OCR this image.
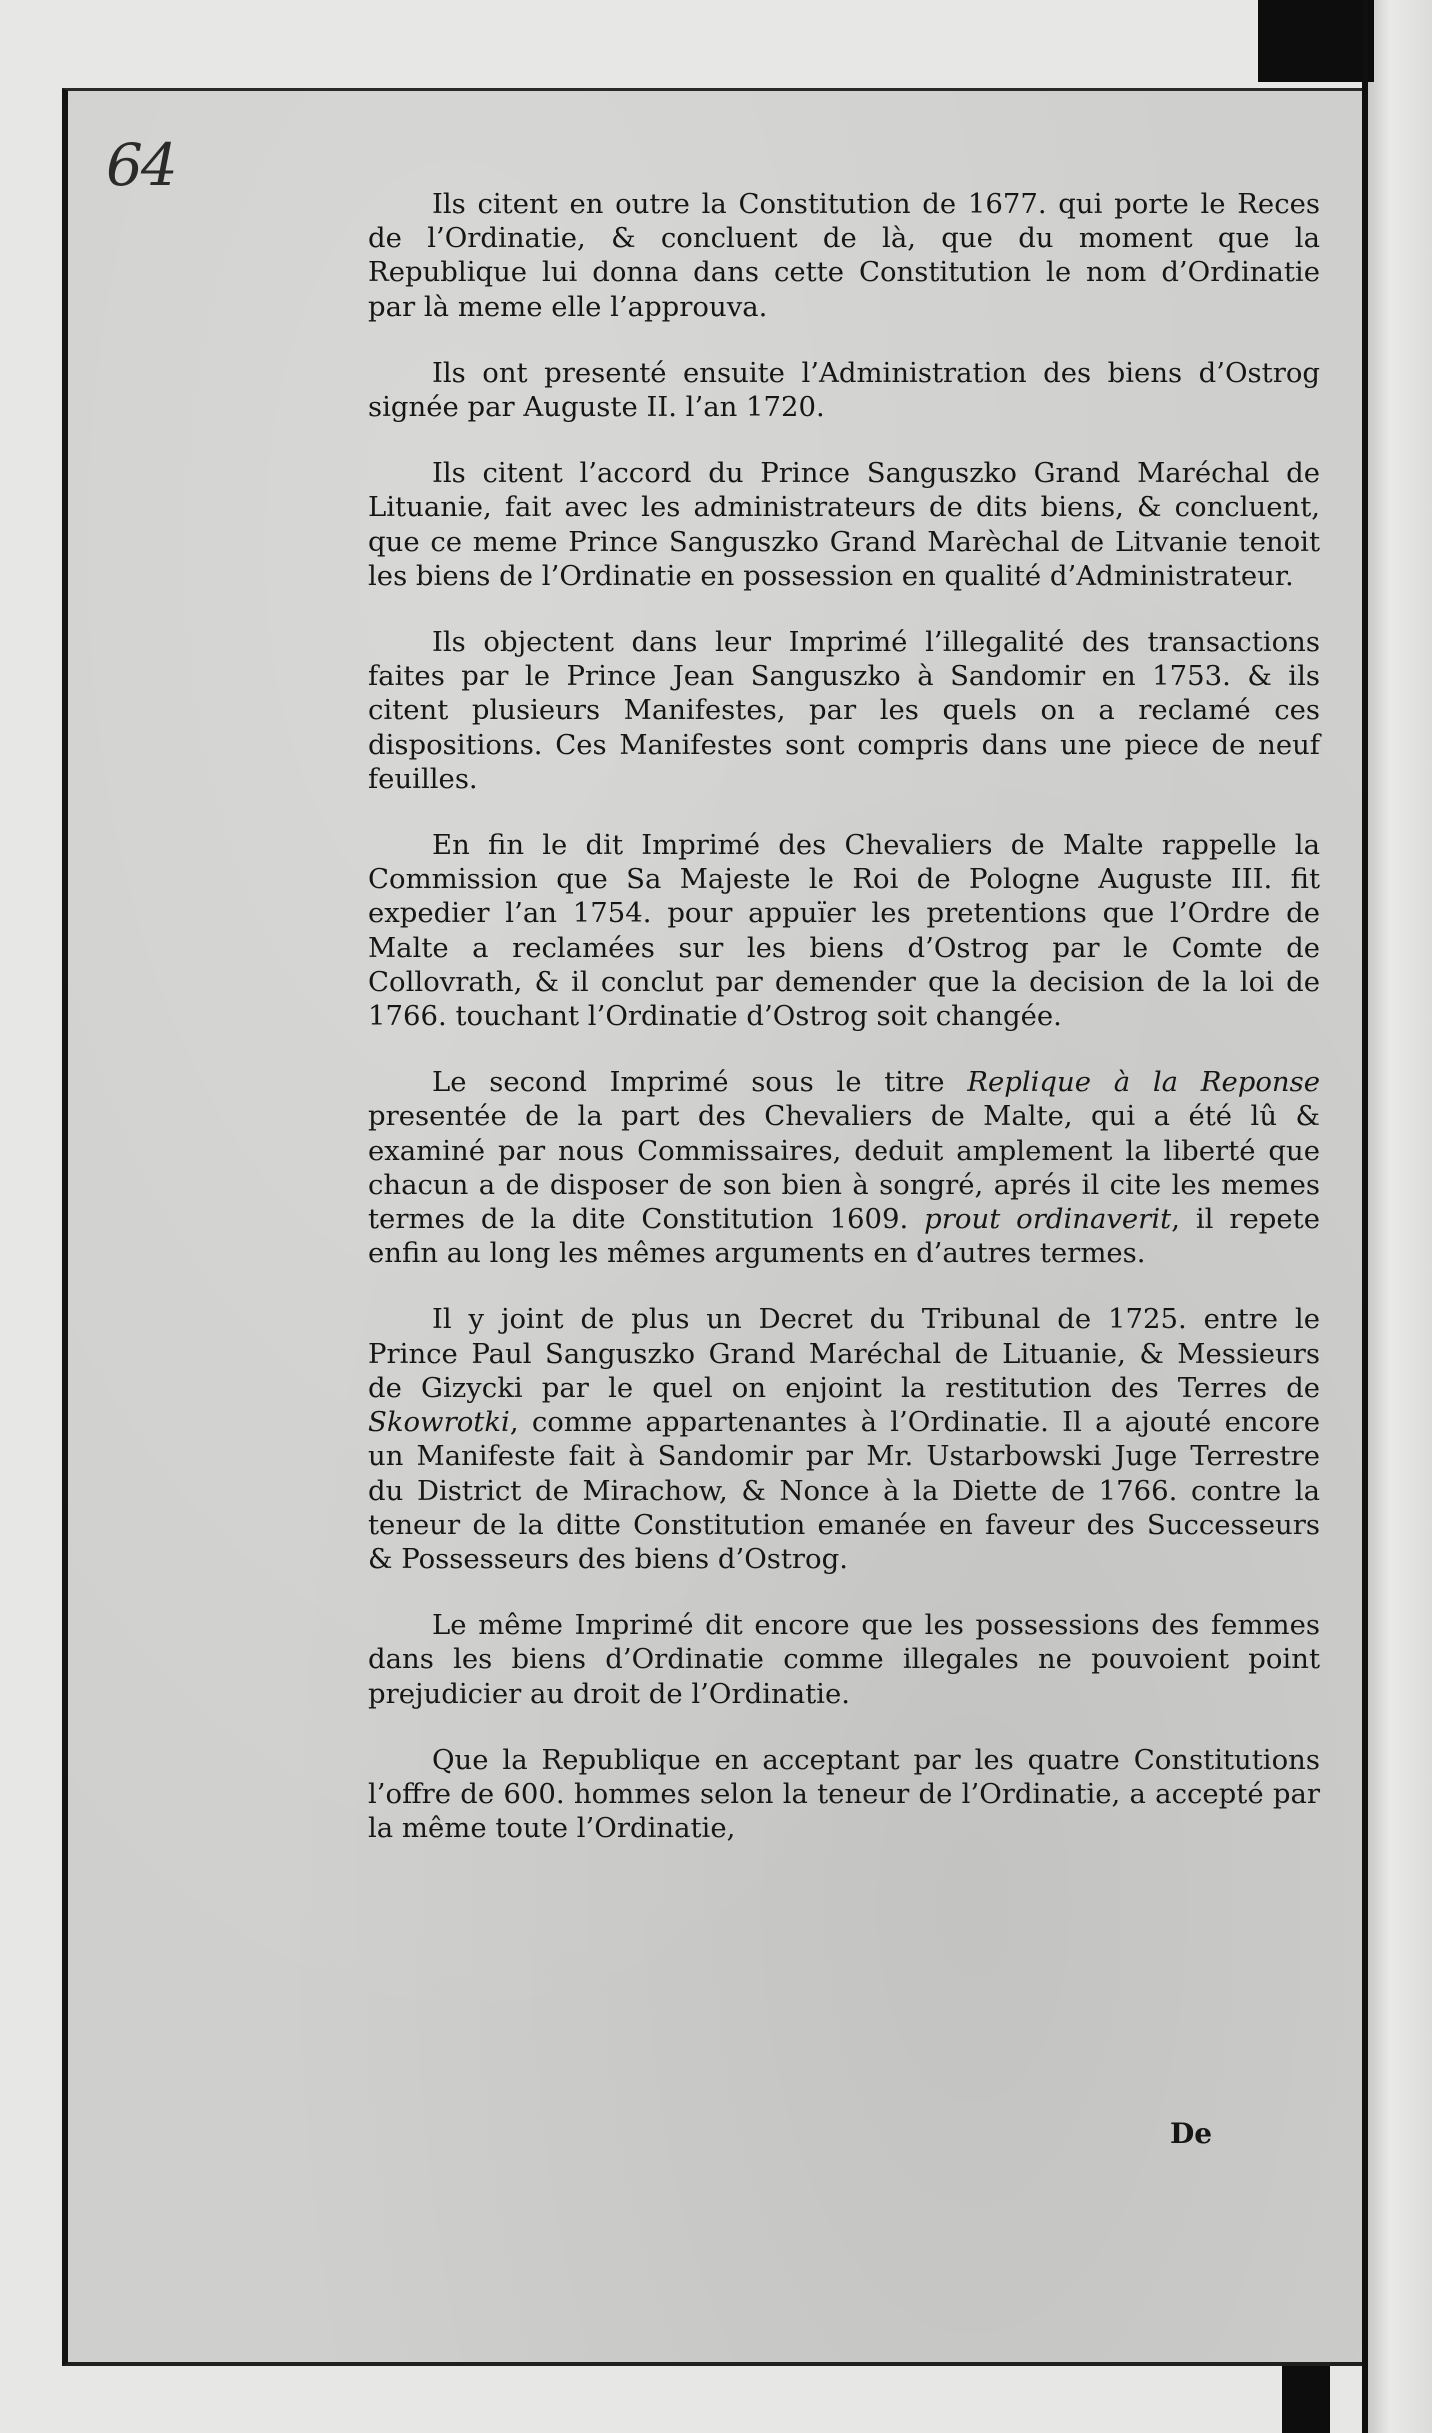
64

Ils citent en outre la Constitution de 1677. qui porte le Reces de l’Ordinatie, & concluent de là, que du moment que la Republique lui donna dans cette Constitution le nom d’Ordinatie par là meme elle l’approuva.

Ils ont presenté ensuite l’Administration des biens d’Ostrog signée par Auguste II. l’an 1720.

Ils citent l’accord du Prince Sanguszko Grand Maréchal de Lituanie, fait avec les administrateurs de dits biens, & concluent, que ce meme Prince Sanguszko Grand Marèchal de Litvanie tenoit les biens de l’Ordinatie en possession en qualité d’Administrateur.

Ils objectent dans leur Imprimé l’illegalité des transactions faites par le Prince Jean Sanguszko à Sandomir en 1753. & ils citent plusieurs Manifestes, par les quels on a reclamé ces dispositions. Ces Manifestes sont compris dans une piece de neuf feuilles.

En fin le dit Imprimé des Chevaliers de Malte rappelle la Commission que Sa Majeste le Roi de Pologne Auguste III. fit expedier l’an 1754. pour appuïer les pretentions que l’Ordre de Malte a reclamées sur les biens d’Ostrog par le Comte de Collovrath, & il conclut par demender que la decision de la loi de 1766. touchant l’Ordinatie d’Ostrog soit changée.

Le second Imprimé sous le titre Replique à la Reponse presentée de la part des Chevaliers de Malte, qui a été lû & examiné par nous Commissaires, deduit amplement la liberté que chacun a de disposer de son bien à songré, aprés il cite les memes termes de la dite Constitution 1609. prout ordinaverit, il repete enfin au long les mêmes arguments en d’autres termes.

Il y joint de plus un Decret du Tribunal de 1725. entre le Prince Paul Sanguszko Grand Maréchal de Lituanie, & Messieurs de Gizycki par le quel on enjoint la restitution des Terres de Skowrotki, comme appartenantes à l’Ordinatie. Il a ajouté encore un Manifeste fait à Sandomir par Mr. Ustarbowski Juge Terrestre du District de Mirachow, & Nonce à la Diette de 1766. contre la teneur de la ditte Constitution emanée en faveur des Successeurs & Possesseurs des biens d’Ostrog.

Le même Imprimé dit encore que les possessions des femmes dans les biens d’Ordinatie comme illegales ne pouvoient point prejudicier au droit de l’Ordinatie.

Que la Republique en acceptant par les quatre Constitutions l’offre de 600. hommes selon la teneur de l’Ordinatie, a accepté par la même toute l’Ordinatie,

De
